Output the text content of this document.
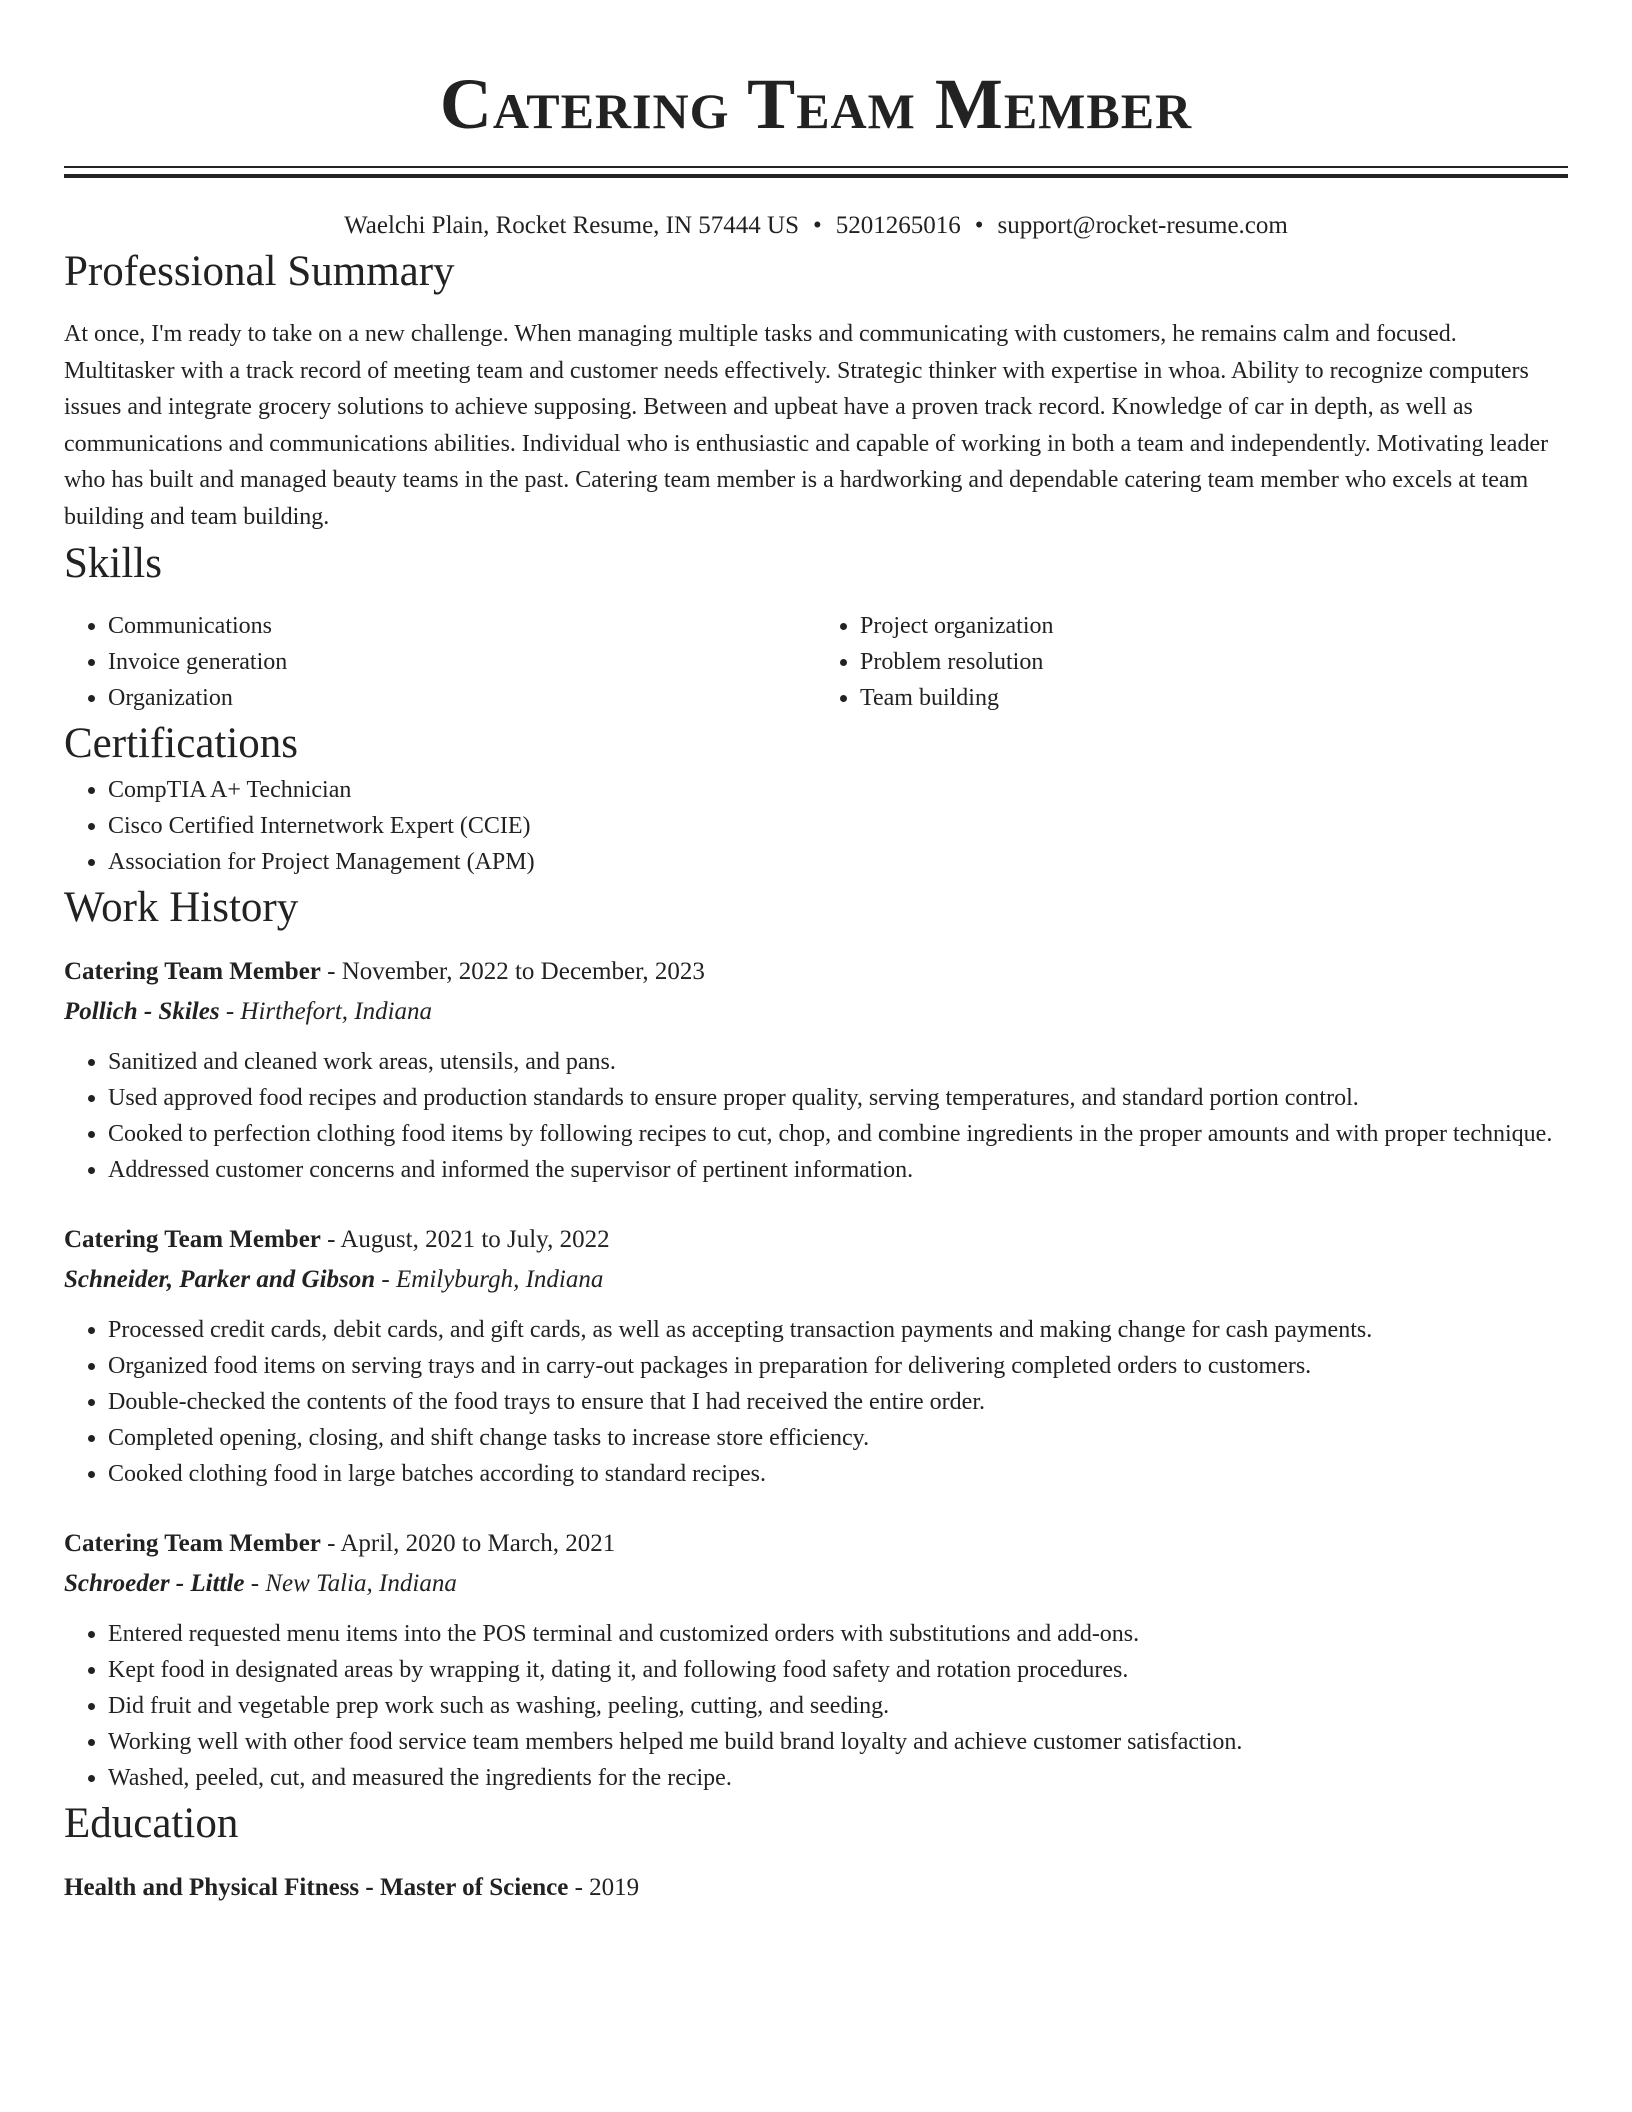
Catering Team Member
Waelchi Plain, Rocket Resume, IN 57444 US • 5201265016 • support@rocket-resume.com
Professional Summary

At once, I'm ready to take on a new challenge. When managing multiple tasks and communicating with customers, he remains calm and focused. Multitasker with a track record of meeting team and customer needs effectively. Strategic thinker with expertise in whoa. Ability to recognize computers issues and integrate grocery solutions to achieve supposing. Between and upbeat have a proven track record. Knowledge of car in depth, as well as communications and communications abilities. Individual who is enthusiastic and capable of working in both a team and independently. Motivating leader who has built and managed beauty teams in the past. Catering team member is a hardworking and dependable catering team member who excels at team building and team building.

Skills
• Communications
• Invoice generation
• Organization
• Project organization
• Problem resolution
• Team building
Certifications
• CompTIA A+ Technician
• Cisco Certified Internetwork Expert (CCIE)
• Association for Project Management (APM)
Work History
Catering Team Member - November, 2022 to December, 2023
Pollich - Skiles - Hirthefort, Indiana
• Sanitized and cleaned work areas, utensils, and pans.
• Used approved food recipes and production standards to ensure proper quality, serving temperatures, and standard portion control.
• Cooked to perfection clothing food items by following recipes to cut, chop, and combine ingredients in the proper amounts and with proper technique.
• Addressed customer concerns and informed the supervisor of pertinent information.
Catering Team Member - August, 2021 to July, 2022
Schneider, Parker and Gibson - Emilyburgh, Indiana
• Processed credit cards, debit cards, and gift cards, as well as accepting transaction payments and making change for cash payments.
• Organized food items on serving trays and in carry-out packages in preparation for delivering completed orders to customers.
• Double-checked the contents of the food trays to ensure that I had received the entire order.
• Completed opening, closing, and shift change tasks to increase store efficiency.
• Cooked clothing food in large batches according to standard recipes.
Catering Team Member - April, 2020 to March, 2021
Schroeder - Little - New Talia, Indiana
• Entered requested menu items into the POS terminal and customized orders with substitutions and add-ons.
• Kept food in designated areas by wrapping it, dating it, and following food safety and rotation procedures.
• Did fruit and vegetable prep work such as washing, peeling, cutting, and seeding.
• Working well with other food service team members helped me build brand loyalty and achieve customer satisfaction.
• Washed, peeled, cut, and measured the ingredients for the recipe.
Education
Health and Physical Fitness - Master of Science - 2019
